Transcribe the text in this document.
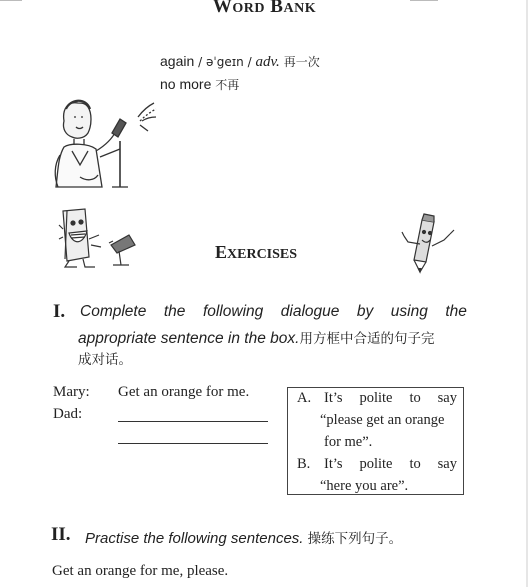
WORD BANK
again / əˈgeɪn / adv. 再一次
no more 不再
EXERCISES
I. Complete the following dialogue by using the
appropriate sentence in the box.用方框中合适的句子完
成对话。
Mary: Get an orange for me.
Dad:
A. It’s polite to say
“please get an orange
for me”.
B. It’s polite to say
“here you are”.
II. Practise the following sentences. 操练下列句子。
Get an orange for me, please.
